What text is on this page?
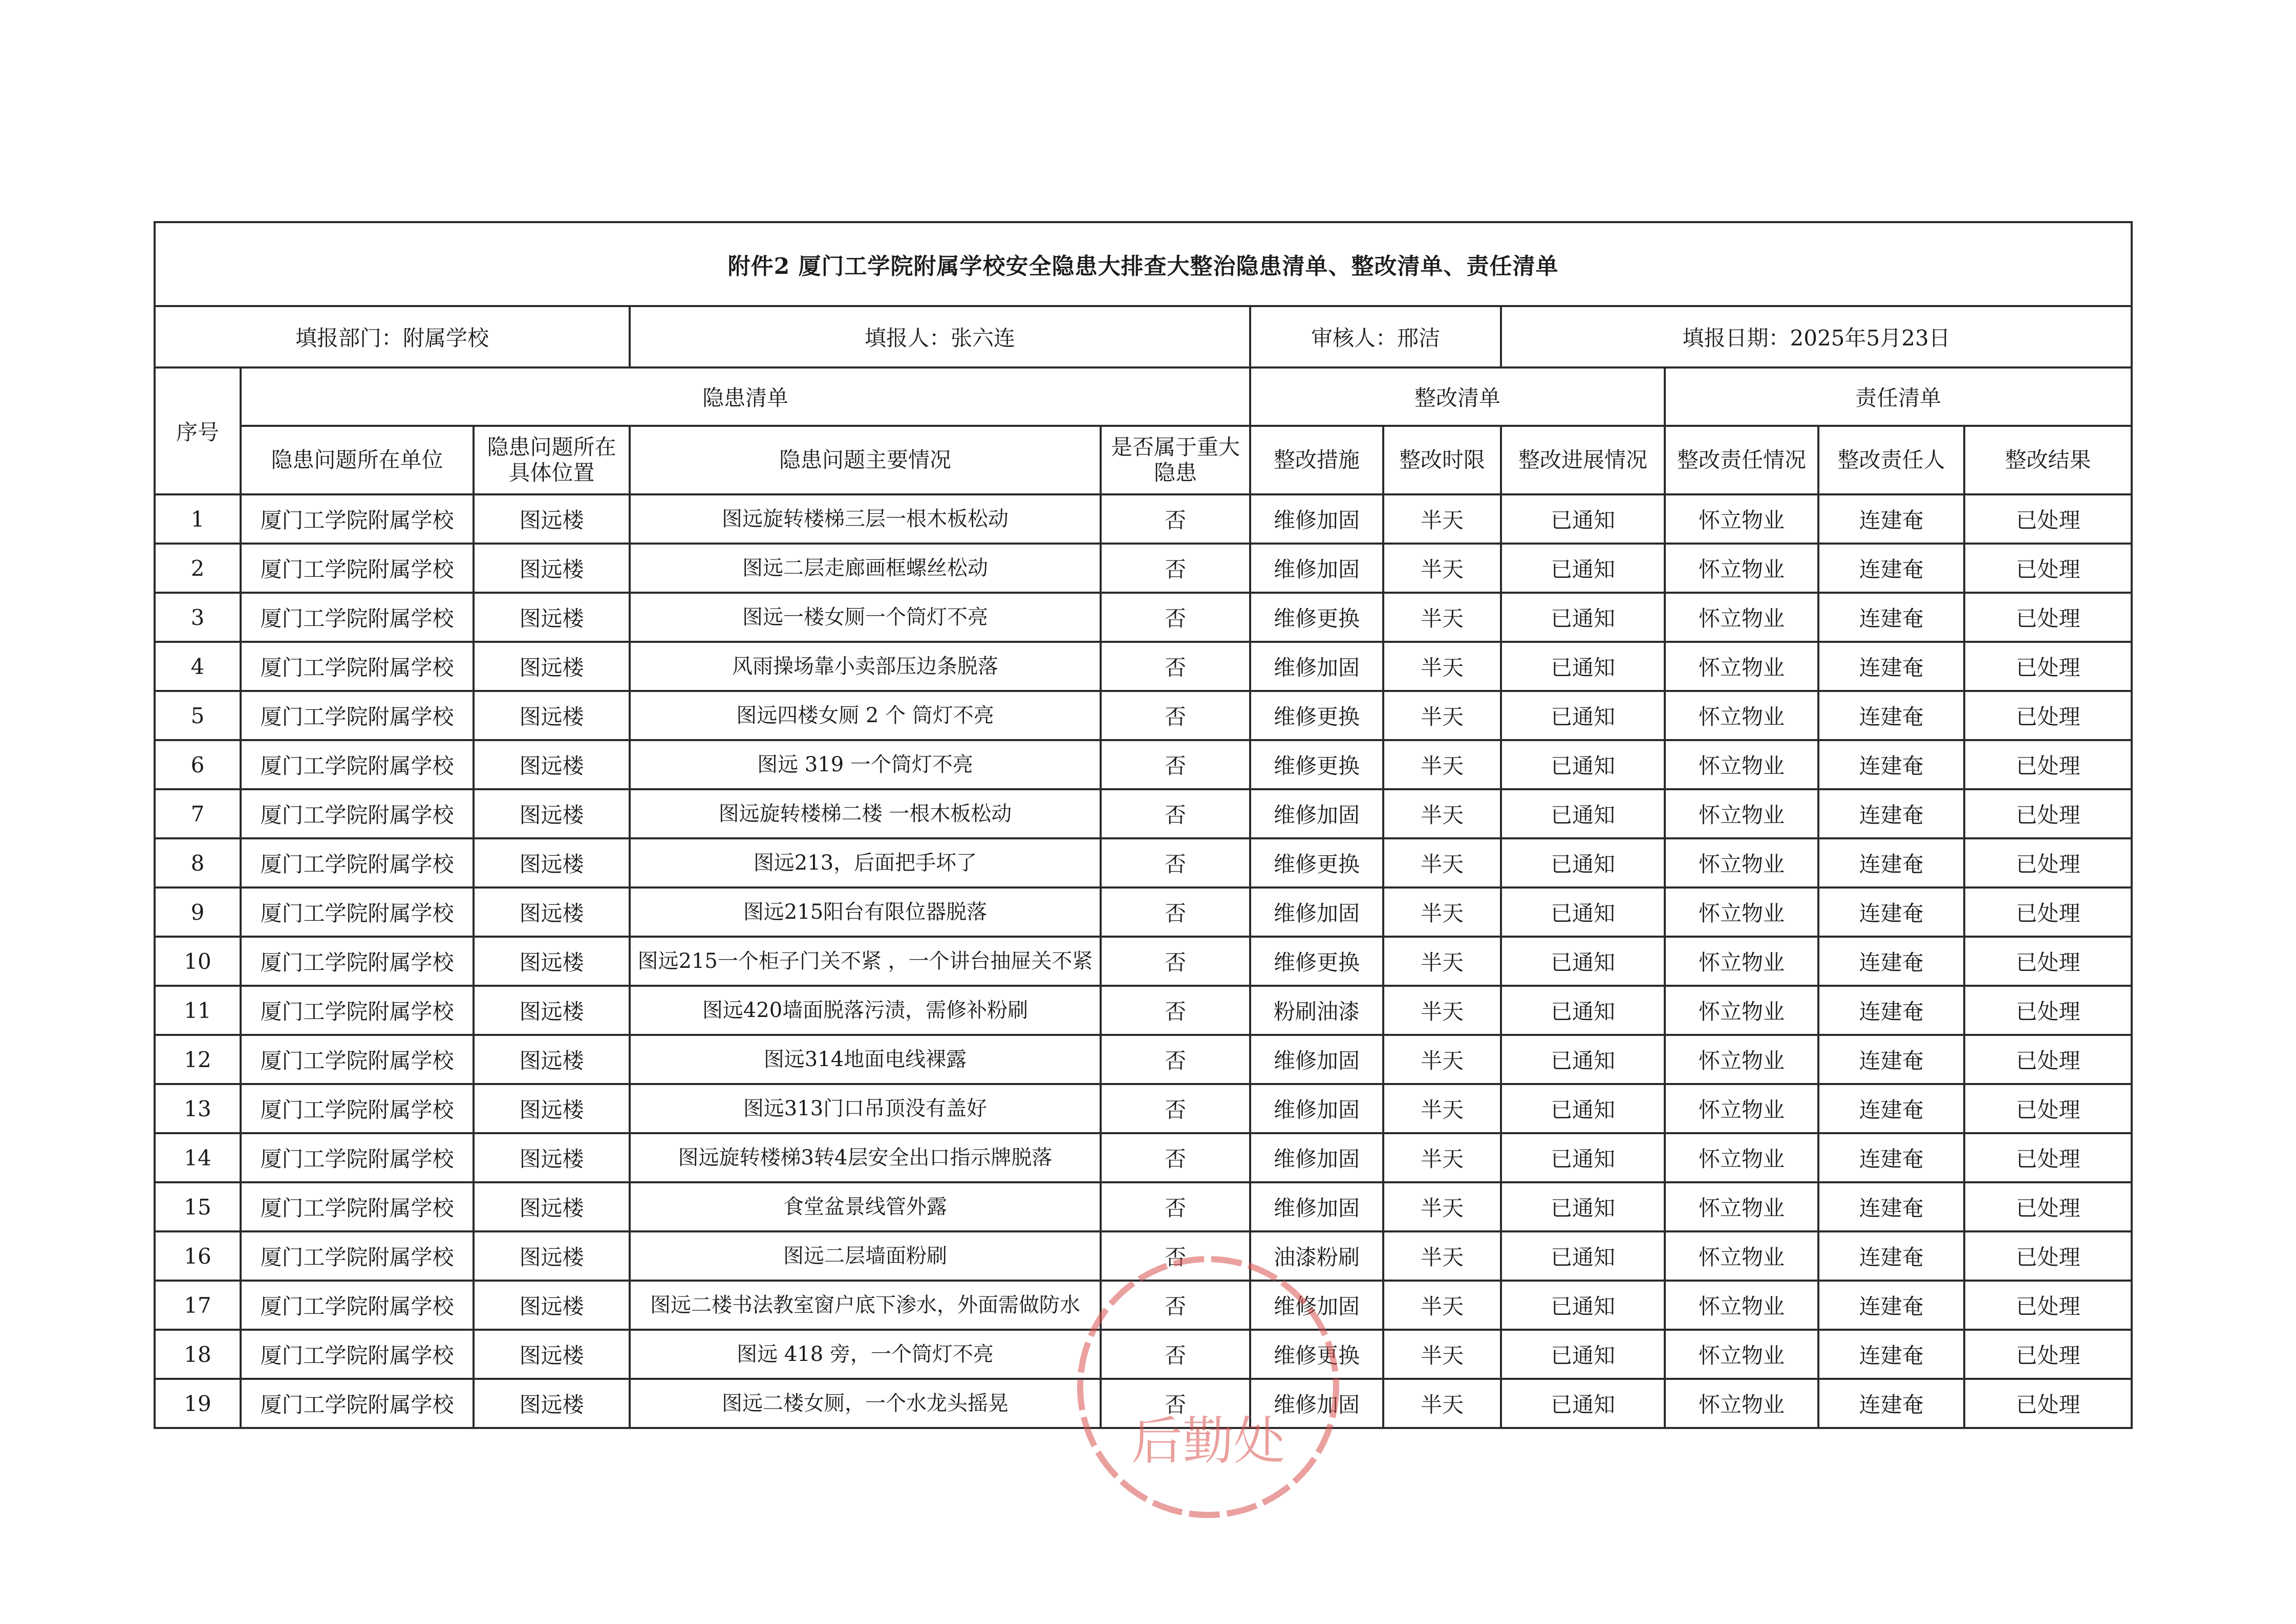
附件2 厦门工学院附属学校安全隐患大排查大整治隐患清单、整改清单、责任清单										
填报部门：附属学校			填报人：张六连		审核人：邢洁		填报日期：2025年5月23日			
序号	隐患清单				整改清单			责任清单		
	隐患问题所在单位	隐患问题所在具体位置	隐患问题主要情况	是否属于重大隐患	整改措施	整改时限	整改进展情况	整改责任情况	整改责任人	整改结果
1	厦门工学院附属学校	图远楼	图远旋转楼梯三层一根木板松动	否	维修加固	半天	已通知	怀立物业	连建奄	已处理
2	厦门工学院附属学校	图远楼	图远二层走廊画框螺丝松动	否	维修加固	半天	已通知	怀立物业	连建奄	已处理
3	厦门工学院附属学校	图远楼	图远一楼女厕一个筒灯不亮	否	维修更换	半天	已通知	怀立物业	连建奄	已处理
4	厦门工学院附属学校	图远楼	风雨操场靠小卖部压边条脱落	否	维修加固	半天	已通知	怀立物业	连建奄	已处理
5	厦门工学院附属学校	图远楼	图远四楼女厕 2 个 筒灯不亮	否	维修更换	半天	已通知	怀立物业	连建奄	已处理
6	厦门工学院附属学校	图远楼	图远 319 一个筒灯不亮	否	维修更换	半天	已通知	怀立物业	连建奄	已处理
7	厦门工学院附属学校	图远楼	图远旋转楼梯二楼 一根木板松动	否	维修加固	半天	已通知	怀立物业	连建奄	已处理
8	厦门工学院附属学校	图远楼	图远213，后面把手坏了	否	维修更换	半天	已通知	怀立物业	连建奄	已处理
9	厦门工学院附属学校	图远楼	图远215阳台有限位器脱落	否	维修加固	半天	已通知	怀立物业	连建奄	已处理
10	厦门工学院附属学校	图远楼	图远215一个柜子门关不紧 ，一个讲台抽屉关不紧	否	维修更换	半天	已通知	怀立物业	连建奄	已处理
11	厦门工学院附属学校	图远楼	图远420墙面脱落污渍，需修补粉刷	否	粉刷油漆	半天	已通知	怀立物业	连建奄	已处理
12	厦门工学院附属学校	图远楼	图远314地面电线裸露	否	维修加固	半天	已通知	怀立物业	连建奄	已处理
13	厦门工学院附属学校	图远楼	图远313门口吊顶没有盖好	否	维修加固	半天	已通知	怀立物业	连建奄	已处理
14	厦门工学院附属学校	图远楼	图远旋转楼梯3转4层安全出口指示牌脱落	否	维修加固	半天	已通知	怀立物业	连建奄	已处理
15	厦门工学院附属学校	图远楼	食堂盆景线管外露	否	维修加固	半天	已通知	怀立物业	连建奄	已处理
16	厦门工学院附属学校	图远楼	图远二层墙面粉刷	否	油漆粉刷	半天	已通知	怀立物业	连建奄	已处理
17	厦门工学院附属学校	图远楼	图远二楼书法教室窗户底下渗水，外面需做防水	否	维修加固	半天	已通知	怀立物业	连建奄	已处理
18	厦门工学院附属学校	图远楼	图远 418 旁，一个筒灯不亮	否	维修更换	半天	已通知	怀立物业	连建奄	已处理
19	厦门工学院附属学校	图远楼	图远二楼女厕，一个水龙头摇晃	否	维修加固	半天	已通知	怀立物业	连建奄	已处理
后勤处
